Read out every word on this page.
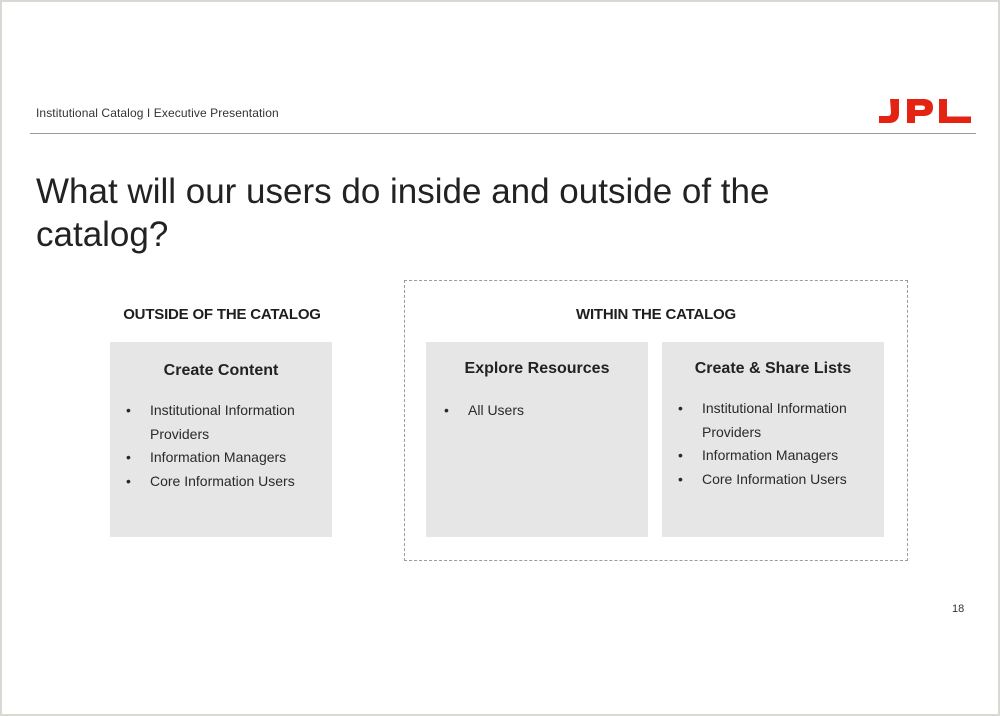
Institutional Catalog I Executive Presentation
What will our users do inside and outside of the catalog?
OUTSIDE OF THE CATALOG
Create Content
• Institutional Information Providers
• Information Managers
• Core Information Users
WITHIN THE CATALOG
Explore Resources
• All Users
Create & Share Lists
• Institutional Information Providers
• Information Managers
• Core Information Users
18
